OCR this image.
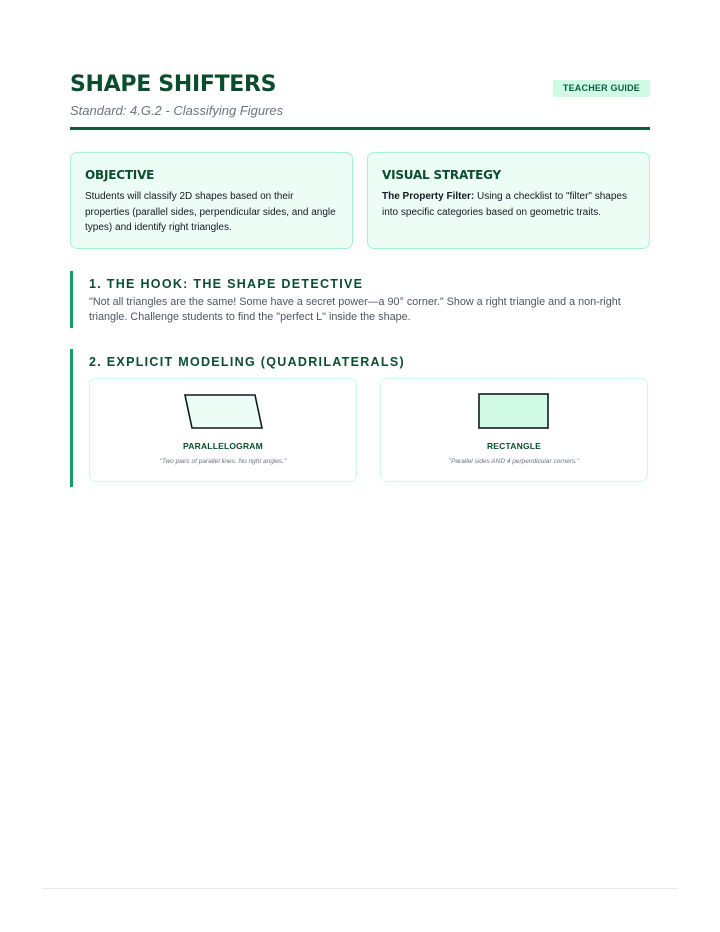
SHAPE SHIFTERS
Standard: 4.G.2 - Classifying Figures
TEACHER GUIDE
OBJECTIVE

Students will classify 2D shapes based on their properties (parallel sides, perpendicular sides, and angle types) and identify right triangles.

VISUAL STRATEGY

The Property Filter: Using a checklist to "filter" shapes into specific categories based on geometric traits.

1. THE HOOK: THE SHAPE DETECTIVE

"Not all triangles are the same! Some have a secret power—a 90° corner." Show a right triangle and a non-right triangle. Challenge students to find the "perfect L" inside the shape.

2. EXPLICIT MODELING (QUADRILATERALS)
PARALLELOGRAM
"Two pairs of parallel lines. No right angles."
RECTANGLE
"Parallel sides AND 4 perpendicular corners."
